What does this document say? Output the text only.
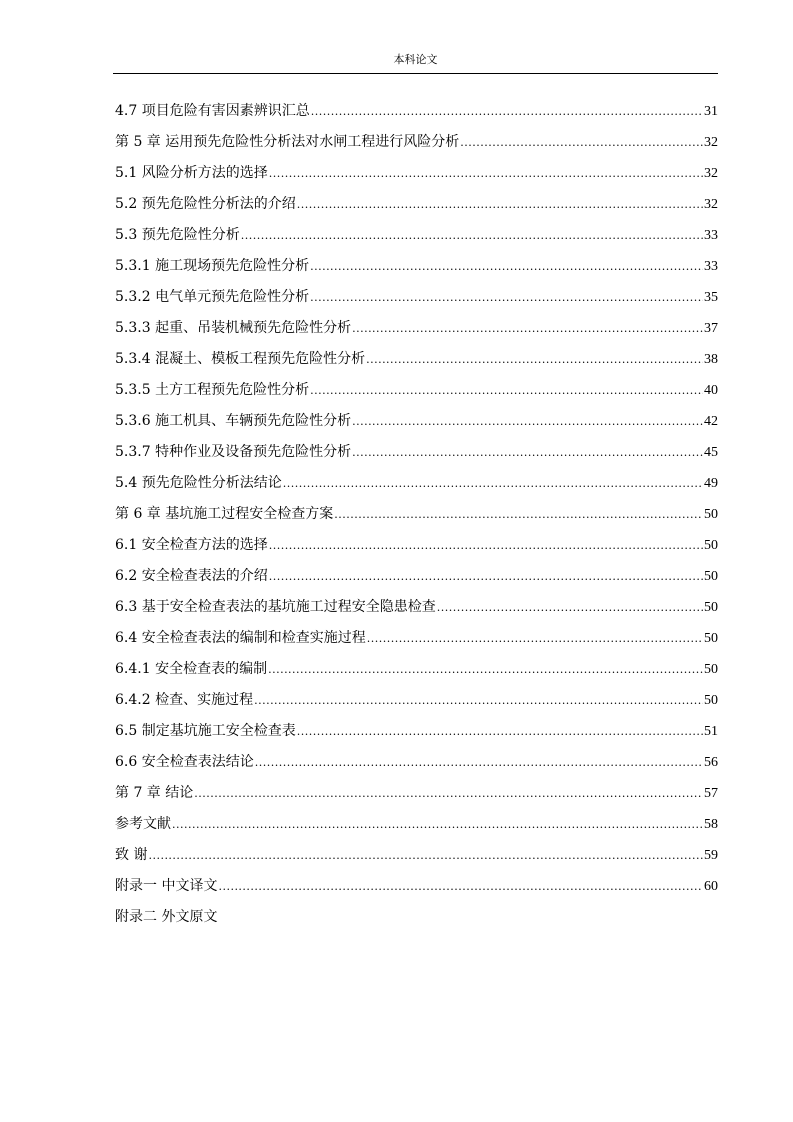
本科论文
4.7 项目危险有害因素辨识汇总 .....	31
第 5 章 运用预先危险性分析法对水闸工程进行风险分析 .....	32
5.1 风险分析方法的选择 .....	32
5.2 预先危险性分析法的介绍 .....	32
5.3 预先危险性分析 .....	33
5.3.1 施工现场预先危险性分析 .....	33
5.3.2 电气单元预先危险性分析 .....	35
5.3.3 起重、吊装机械预先危险性分析 .....	37
5.3.4 混凝土、模板工程预先危险性分析 .....	38
5.3.5 土方工程预先危险性分析 .....	40
5.3.6 施工机具、车辆预先危险性分析 .....	42
5.3.7 特种作业及设备预先危险性分析 .....	45
5.4 预先危险性分析法结论 .....	49
第 6 章 基坑施工过程安全检查方案 .....	50
6.1 安全检查方法的选择 .....	50
6.2 安全检查表法的介绍 .....	50
6.3 基于安全检查表法的基坑施工过程安全隐患检查 .....	50
6.4 安全检查表法的编制和检查实施过程 .....	50
6.4.1 安全检查表的编制 .....	50
6.4.2 检查、实施过程 .....	50
6.5 制定基坑施工安全检查表 .....	51
6.6 安全检查表法结论 .....	56
第 7 章 结论 .....	57
参考文献 .....	58
致 谢 .....	59
附录一 中文译文 .....	60
附录二 外文原文
